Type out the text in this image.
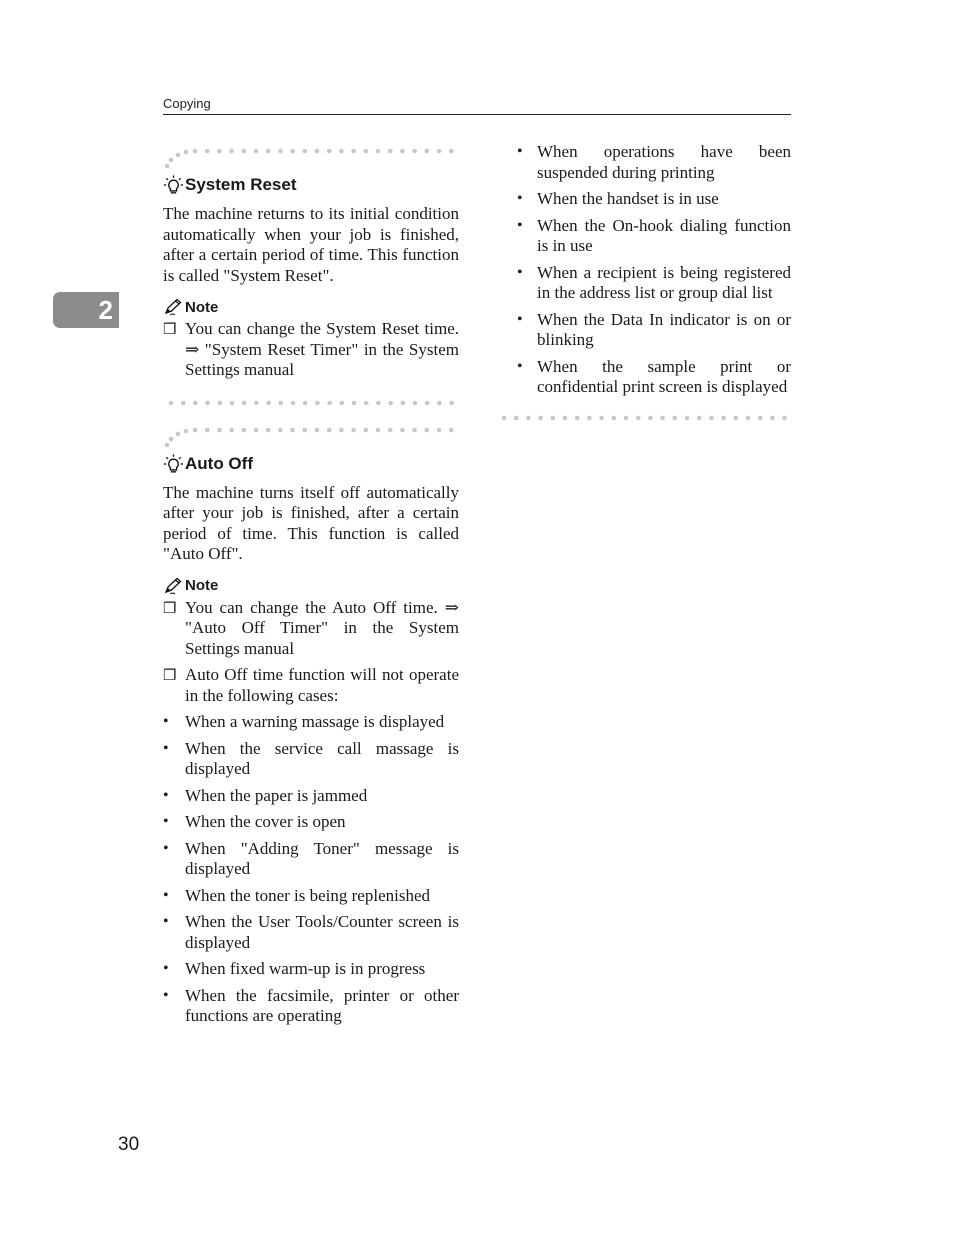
Copying
2
System Reset

The machine returns to its initial condition automatically when your job is finished, after a certain period of time. This function is called "System Reset".

Note
❒ You can change the System Reset time. ⇒ "System Reset Timer" in the System Settings manual
Auto Off

The machine turns itself off automatically after your job is finished, after a certain period of time. This function is called "Auto Off".

Note
❒ You can change the Auto Off time. ⇒ "Auto Off Timer" in the System Settings manual
❒ Auto Off time function will not operate in the following cases:
• When a warning massage is displayed
• When the service call massage is displayed
• When the paper is jammed
• When the cover is open
• When "Adding Toner" message is displayed
• When the toner is being replenished
• When the User Tools/Counter screen is displayed
• When fixed warm-up is in progress
• When the facsimile, printer or other functions are operating
• When operations have been suspended during printing
• When the handset is in use
• When the On-hook dialing function is in use
• When a recipient is being registered in the address list or group dial list
• When the Data In indicator is on or blinking
• When the sample print or confidential print screen is displayed
30
